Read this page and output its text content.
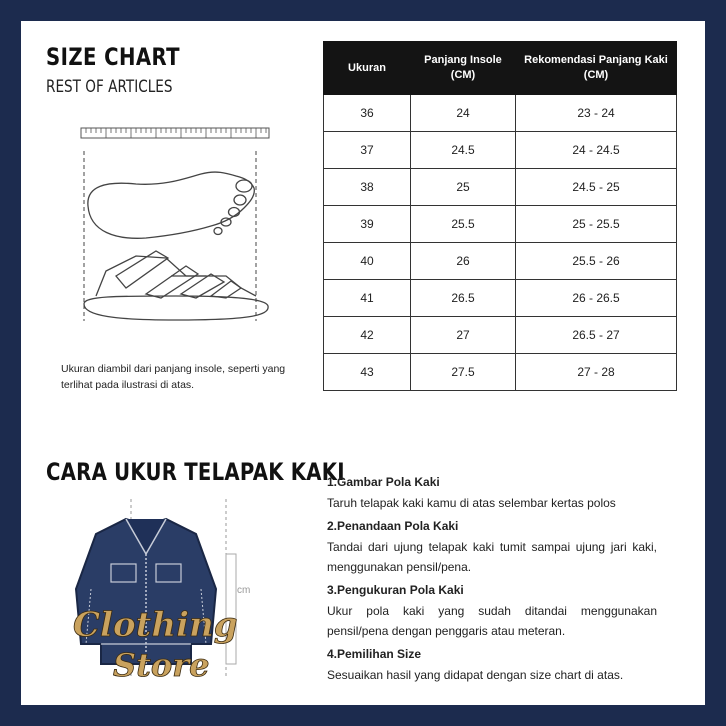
SIZE CHART
REST OF ARTICLES
Ukuran diambil dari panjang insole, seperti yang terlihat pada ilustrasi di atas.
Ukuran	Panjang Insole (CM)	Rekomendasi Panjang Kaki (CM)
36	24	23 - 24
37	24.5	24 - 24.5
38	25	24.5 - 25
39	25.5	25 - 25.5
40	26	25.5 - 26
41	26.5	26 - 26.5
42	27	26.5 - 27
43	27.5	27 - 28
CARA UKUR TELAPAK KAKI
cm
Clothing
Store
1.Gambar Pola Kaki
Taruh telapak kaki kamu di atas selembar kertas polos
2.Penandaan Pola Kaki
Tandai dari ujung telapak kaki tumit sampai ujung jari kaki, menggunakan pensil/pena.
3.Pengukuran Pola Kaki
Ukur pola kaki yang sudah ditandai menggunakan pensil/pena dengan penggaris atau meteran.
4.Pemilihan Size
Sesuaikan hasil yang didapat dengan size chart di atas.
